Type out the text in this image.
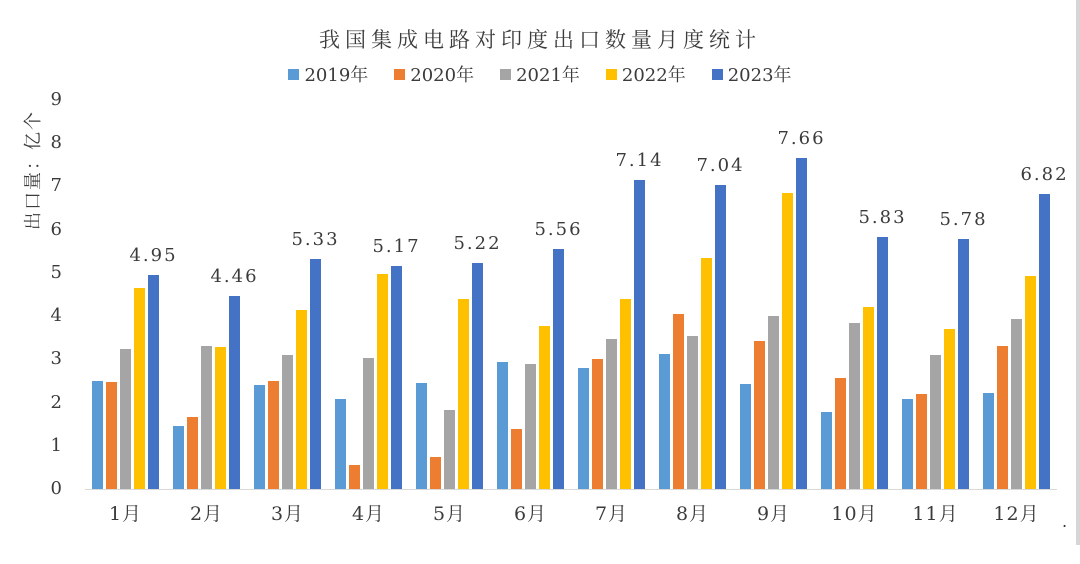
我国集成电路对印度出口数量月度统计
2019年 2020年 2021年 2022年 2023年
出口量：亿个
0
1
2
3
4
5
6
7
8
9
4.95
4.46
5.33 5.17 5.22
5.56
7.14 7.04
7.66
5.83 5.78
6.82
1月	2月	3月	4月	5月	6月	7月	8月	9月	10月	11月	12月	.
